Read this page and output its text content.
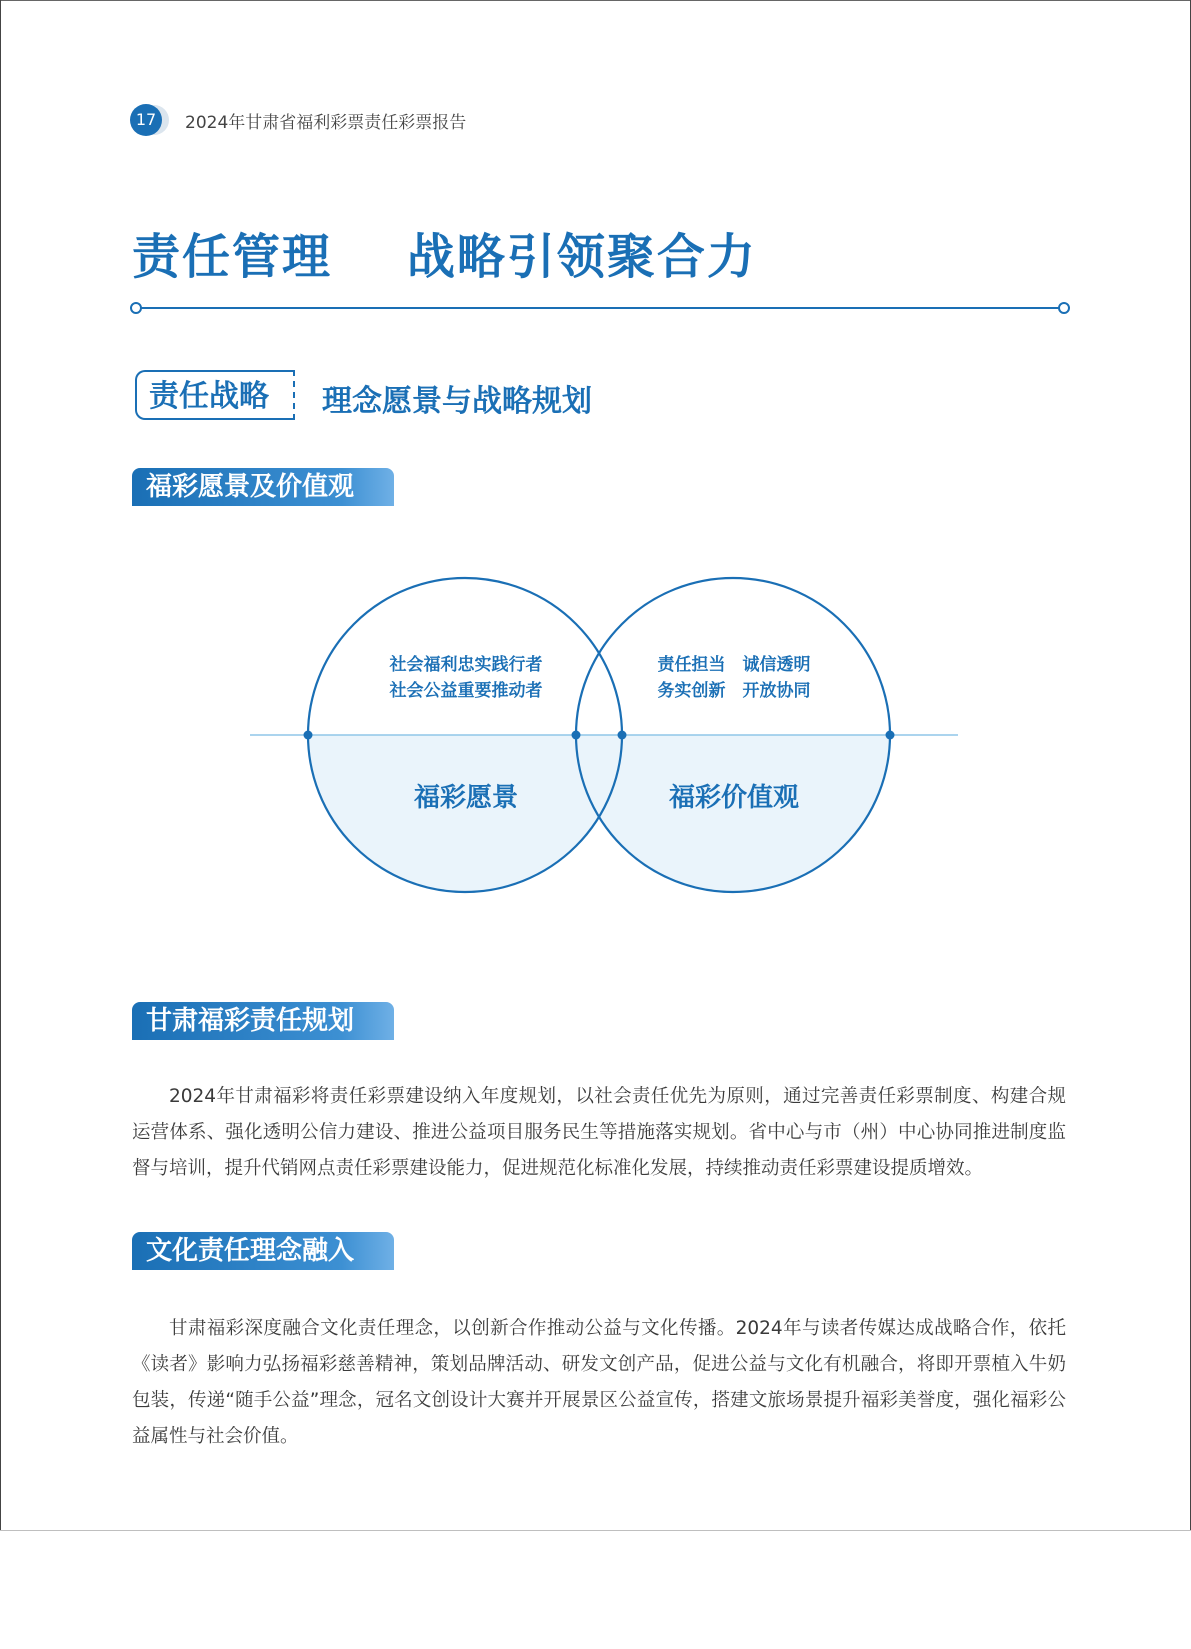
17	2024年甘肃省福利彩票责任彩票报告
责任管理    战略引领聚合力
责任战略	理念愿景与战略规划
福彩愿景及价值观
社会福利忠实践行者
社会公益重要推动者
福彩愿景
责任担当　诚信透明
务实创新　开放协同
福彩价值观
甘肃福彩责任规划
2024年甘肃福彩将责任彩票建设纳入年度规划，以社会责任优先为原则，通过完善责任彩票制度、构建合规运营体系、强化透明公信力建设、推进公益项目服务民生等措施落实规划。省中心与市（州）中心协同推进制度监督与培训，提升代销网点责任彩票建设能力，促进规范化标准化发展，持续推动责任彩票建设提质增效。
文化责任理念融入
甘肃福彩深度融合文化责任理念，以创新合作推动公益与文化传播。2024年与读者传媒达成战略合作，依托《读者》影响力弘扬福彩慈善精神，策划品牌活动、研发文创产品，促进公益与文化有机融合，将即开票植入牛奶包装，传递“随手公益”理念，冠名文创设计大赛并开展景区公益宣传，搭建文旅场景提升福彩美誉度，强化福彩公益属性与社会价值。
